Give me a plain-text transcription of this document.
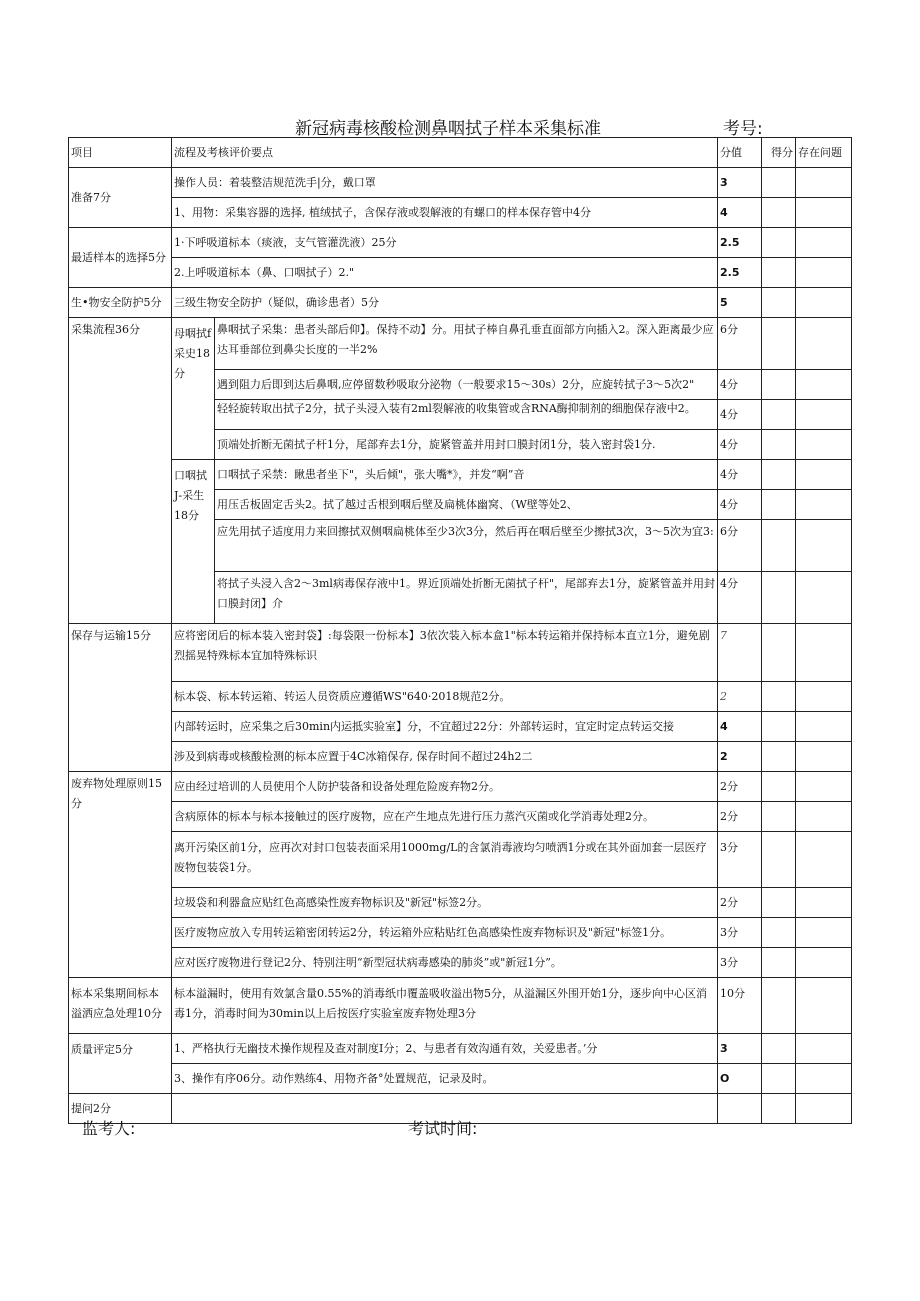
新冠病毒核酸检测鼻咽拭子样本采集标准	考号:
项目	流程及考核评价要点		分值	得分	存在问题
准备7分	操作人员：着装整洁规范洗手|分，戴口罩		3		
	1、用物：采集容器的选择, 植绒拭子，含保存液或裂解液的有螺口的样本保存管中4分		4		
最适样本的选择5分	1·下呼吸道标本（痰液，支气管灌洗液）25分		2.5		
	2.上呼吸道标本（鼻、口咽拭子）2."		2.5		
生•物安全防护5分	三级生物安全防护（疑似，确诊患者）5分		5		
采集流程36分	母咽拭f采史18分	鼻咽拭子采集：患者头部后仰】。保持不动】分。用拭子棒自鼻孔垂直面部方向插入2。深入距离最少应达耳垂部位到鼻尖长度的一半2%	6分		
		遇到阻力后即到达后鼻咽,应停留数秒吸取分泌物（一般要求15～30s）2分，应旋转拭子3～5次2"	4分		
		轻轻旋转取出拭子2分，拭子头浸入装有2ml裂解液的收集管或含RNA酶抑制剂的细胞保存液中2。	4分		
		顶端处折断无菌拭子杆1分，尾部弃去1分，旋紧管盖并用封口膜封闭1分，装入密封袋1分.	4分		
	口咽拭J-采生18分	口咽拭子采禁：瞅患者坐下"，头后倾"，张大嘴*》，并发“啊”音	4分		
		用压舌板固定舌头2。拭了越过舌根到咽后壁及扁桃体幽窝、（W壁等处2、	4分		
		应先用拭子适度用力来回擦拭双侧咽扁桃体至少3次3分，然后再在咽后壁至少擦拭3次，3～5次为宜3:	6分		
		将拭子头浸入含2～3ml病毒保存液中1。界近顶端处折断无菌拭子杆"，尾部弃去1分，旋紧管盖并用封口膜封闭】介	4分		
保存与运输15分	应将密闭后的标本装入密封袋】:每袋限一份标本】3依次装入标本盒1"标本转运箱并保持标本直立1分，避免剧烈摇晃特殊标本宜加特殊标识		7		
	标本袋、标本转运箱、转运人员资质应遵循WS"640·2018规范2分。		2		
	内部转运时，应采集之后30min内运抵实验室】分，不宜超过22分：外部转运时，宜定时定点转运交接		4		
	涉及到病毒或核酸检测的标本应置于4C冰箱保存, 保存时间不超过24h2二		2		
废弃物处理原则15分	应由经过培训的人员使用个人防护装备和设备处理危险废弃物2分。		2分		
	含病原体的标本与标本接触过的医疗废物，应在产生地点先进行压力蒸汽灭菌或化学消毒处理2分。		2分		
	离开污染区前1分，应再次对封口包装表面采用1000mg/L的含氯消毒液均匀喷洒1分或在其外面加套一层医疗废物包装袋1分。		3分		
	垃圾袋和利器盒应贴红色高感染性废弃物标识及"新冠"标签2分。		2分		
	医疗废物应放入专用转运箱密闭转运2分，转运箱外应粘贴红色高感染性废弃物标识及"新冠"标签1分。		3分		
	应对医疗废物进行登记2分、特别注明“新型冠状病毒感染的肺炎”或"新冠1分”。		3分		
标本采集期间标本溢洒应急处理10分	标本溢漏时，使用有效氯含量0.55%的消毒纸巾覆盖吸收溢出物5分，从溢漏区外围开始1分，逐步向中心区消毒1分，消毒时间为30min以上后按医疗实验室废弃物处理3分		10分		
质量评定5分	1、严格执行无幽技术操作规程及查对制度I分；2、与患者有效沟通有效，关爱患者。’分		3		
	3、操作有序06分。动作熟练4、用物齐备°处置规范，记录及时。		O		
提问2分					
监考人:	考试时间:
